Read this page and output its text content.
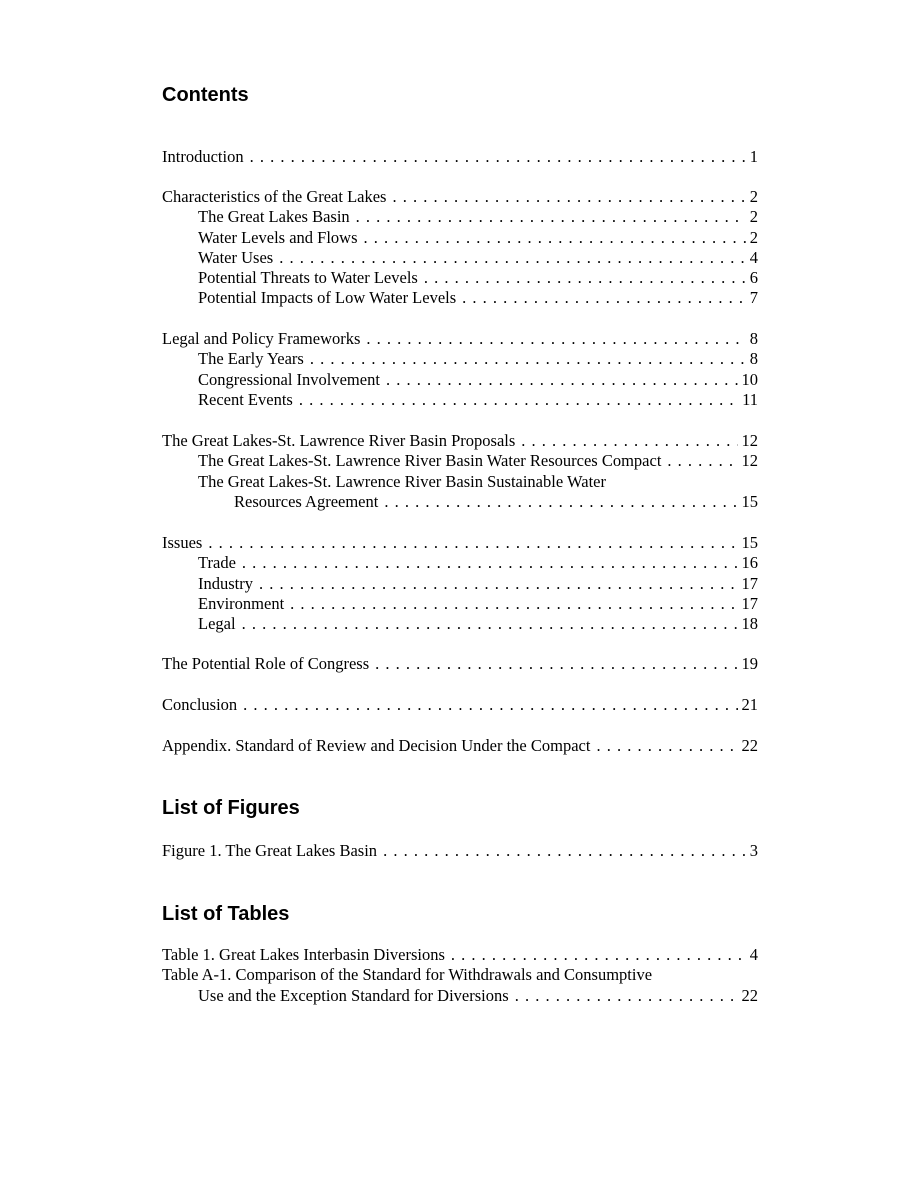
Contents
Introduction . . .	1
Characteristics of the Great Lakes . . .	2
The Great Lakes Basin . . .	2
Water Levels and Flows . . .	2
Water Uses . . .	4
Potential Threats to Water Levels . . .	6
Potential Impacts of Low Water Levels . . .	7
Legal and Policy Frameworks . . .	8
The Early Years . . .	8
Congressional Involvement . . .	10
Recent Events . . .	11
The Great Lakes-St. Lawrence River Basin Proposals . . .	12
The Great Lakes-St. Lawrence River Basin Water Resources Compact . . .	12
The Great Lakes-St. Lawrence River Basin Sustainable Water
Resources Agreement . . .	15
Issues . . .	15
Trade . . .	16
Industry . . .	17
Environment . . .	17
Legal . . .	18
The Potential Role of Congress . . .	19
Conclusion . . .	21
Appendix. Standard of Review and Decision Under the Compact . . .	22
List of Figures
Figure 1. The Great Lakes Basin . . .	3
List of Tables
Table 1. Great Lakes Interbasin Diversions . . .	4
Table A-1. Comparison of the Standard for Withdrawals and Consumptive
Use and the Exception Standard for Diversions . . .	22
